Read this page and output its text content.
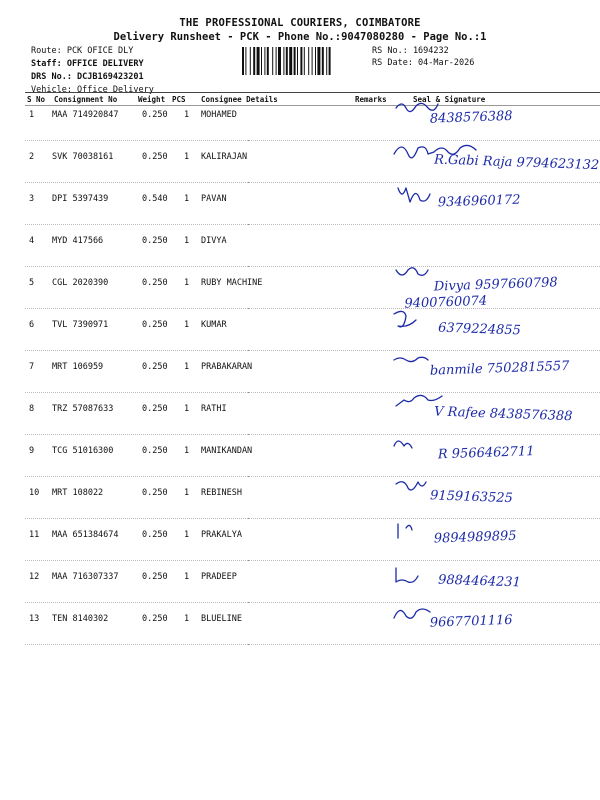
THE PROFESSIONAL COURIERS, COIMBATORE
Delivery Runsheet - PCK - Phone No.:9047080280 - Page No.:1
Route: PCK OFICE DLY
Staff: OFFICE DELIVERY
DRS No.: DCJB169423201
Vehicle: Office Delivery
RS No.: 1694232
RS Date: 04-Mar-2026
S No Consignment No	Weight PCS Consignee Details	Remarks	Seal & Signature
1 MAA 714920847	0.250 1 MOHAMED	8438576388
2 SVK 70038161	0.250 1 KALIRAJAN	R.Gabi Raja 9794623132
3 DPI 5397439	0.540 1 PAVAN	9346960172
4 MYD 417566	0.250 1 DIVYA
5 CGL 2020390	0.250 1 RUBY MACHINE	Divya 9597660798
9400760074
6 TVL 7390971	0.250 1 KUMAR	6379224855
7 MRT 106959	0.250 1 PRABAKARAN	banmile 7502815557
8 TRZ 57087633	0.250 1 RATHI	V Rafee 8438576388
9 TCG 51016300	0.250 1 MANIKANDAN	R 9566462711
10 MRT 108022	0.250 1 REBINESH	9159163525
11 MAA 651384674	0.250 1 PRAKALYA	9894989895
12 MAA 716307337	0.250 1 PRADEEP	9884464231
13 TEN 8140302	0.250 1 BLUELINE	9667701116
